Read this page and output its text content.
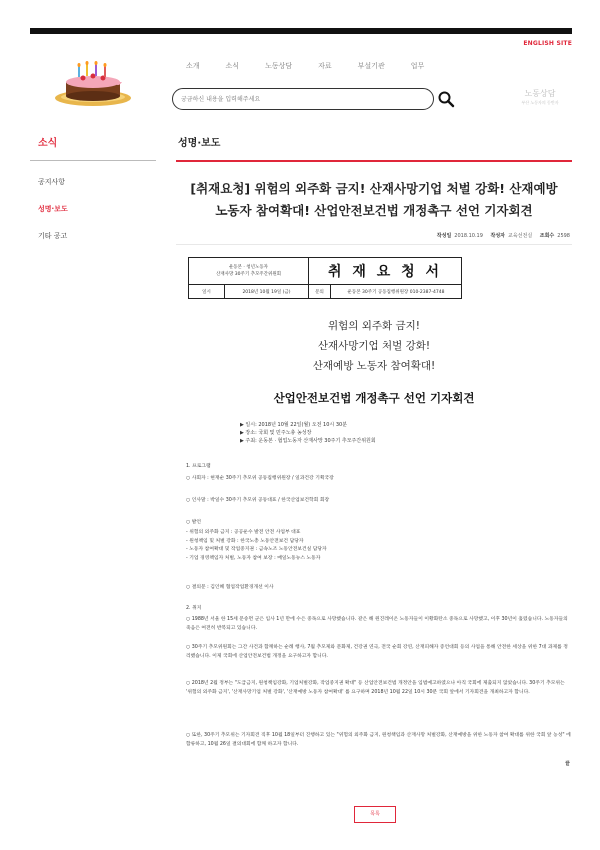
ENGLISH SITE
소개	소식	노동상담	자료	부설기관	업무
궁금하신 내용을 입력해주세요
노동상담
부산 노동자의 동반자
소식
공지사항
성명·보도
기타 공고
성명·보도
[취재요청] 위험의 외주화 금지! 산재사망기업 처벌 강화! 산재예방
노동자 참여확대! 산업안전보건법 개정촉구 선언 기자회견
작성일 2018.10.19 작성자 교육선전실 조회수 2598
운동본 · 청년노동자
산재사망 30주기 추모주간위원회		취 재 요 청 서	
일시	2018년 10월 19일 (금)	문의	운동본 30주기 공동집행위원장 010-2387-4748
위험의 외주화 금지!
산재사망기업 처벌 강화!
산재예방 노동자 참여확대!
산업안전보건법 개정촉구 선언 기자회견
▶ 일시: 2018년 10월 22일(월) 오전 10시 30분
▶ 장소: 국회 및 민주노총 농성장
▶ 주최: 운동본 · 협업노동자 산재사망 30주기 추모주간위원회
1. 프로그램
○ 사회자 : 현재순 30주기 추모위 공동집행위원장 / 일과건강 기획국장
○ 인사말 : 박일수 30주기 추모위 공동대표 / 한국산업보건학회 회장
○ 발언
- 위험의 외주화 금지 : 공공운수 발전 안전 사업부 대표
- 원청책임 및 처벌 강화 : 한국노총 노동안전보건 담당자
- 노동자 참여확대 및 작업중지권 : 금속노조 노동안전보건실 담당자
- 기업 경영책임자 처벌, 노동자 참여 보장 : 매일노동뉴스 노동자
○ 결의문 : 김인혜 협업작업환경개선 이사
2. 취지
○ 1988년 서울 한 15세 문송면 군은 입사 1년 만에 수은 중독으로 사망했습니다. 같은 해 원진레이온 노동자들이 이황화탄소 중독으로 사망했고, 이후 30년이 흘렀습니다. 노동자들의 죽음은 여전히 반복되고 있습니다.
○ 30주기 추모위원회는 그간 사건과 함께하는 순례 행사, 7월 추모제와 문화제, 건강권 연극, 전국 순회 강연, 산재피해자 증언대회 등의 사업을 통해 안전한 세상을 위한 7대 과제를 정리했습니다. 이제 국회에 산업안전보건법 개정을 요구하고자 합니다.
○ 2018년 2월 정부는 "도급금지, 원청책임강화, 기업처벌강화, 작업중지권 확대" 등 산업안전보건법 개정안을 입법예고하였으나 아직 국회에 제출되지 않았습니다. 30주기 추모위는 '위험의 외주화 금지', '산재사망기업 처벌 강화', '산재예방 노동자 참여확대' 를 요구하며 2018년 10월 22일 10시 30분 국회 앞에서 기자회견을 개최하고자 합니다.
○ 또한, 30주기 추모위는 기자회견 직후 10월 18일부터 진행하고 있는 "위험의 외주화 금지, 원청책임과 산재사망 처벌강화, 산재예방을 위한 노동자 참여 확대를 위한 국회 앞 농성" 에 합류하고, 10월 26일 결의대회에 함께 하고자 합니다.
끝
목록
